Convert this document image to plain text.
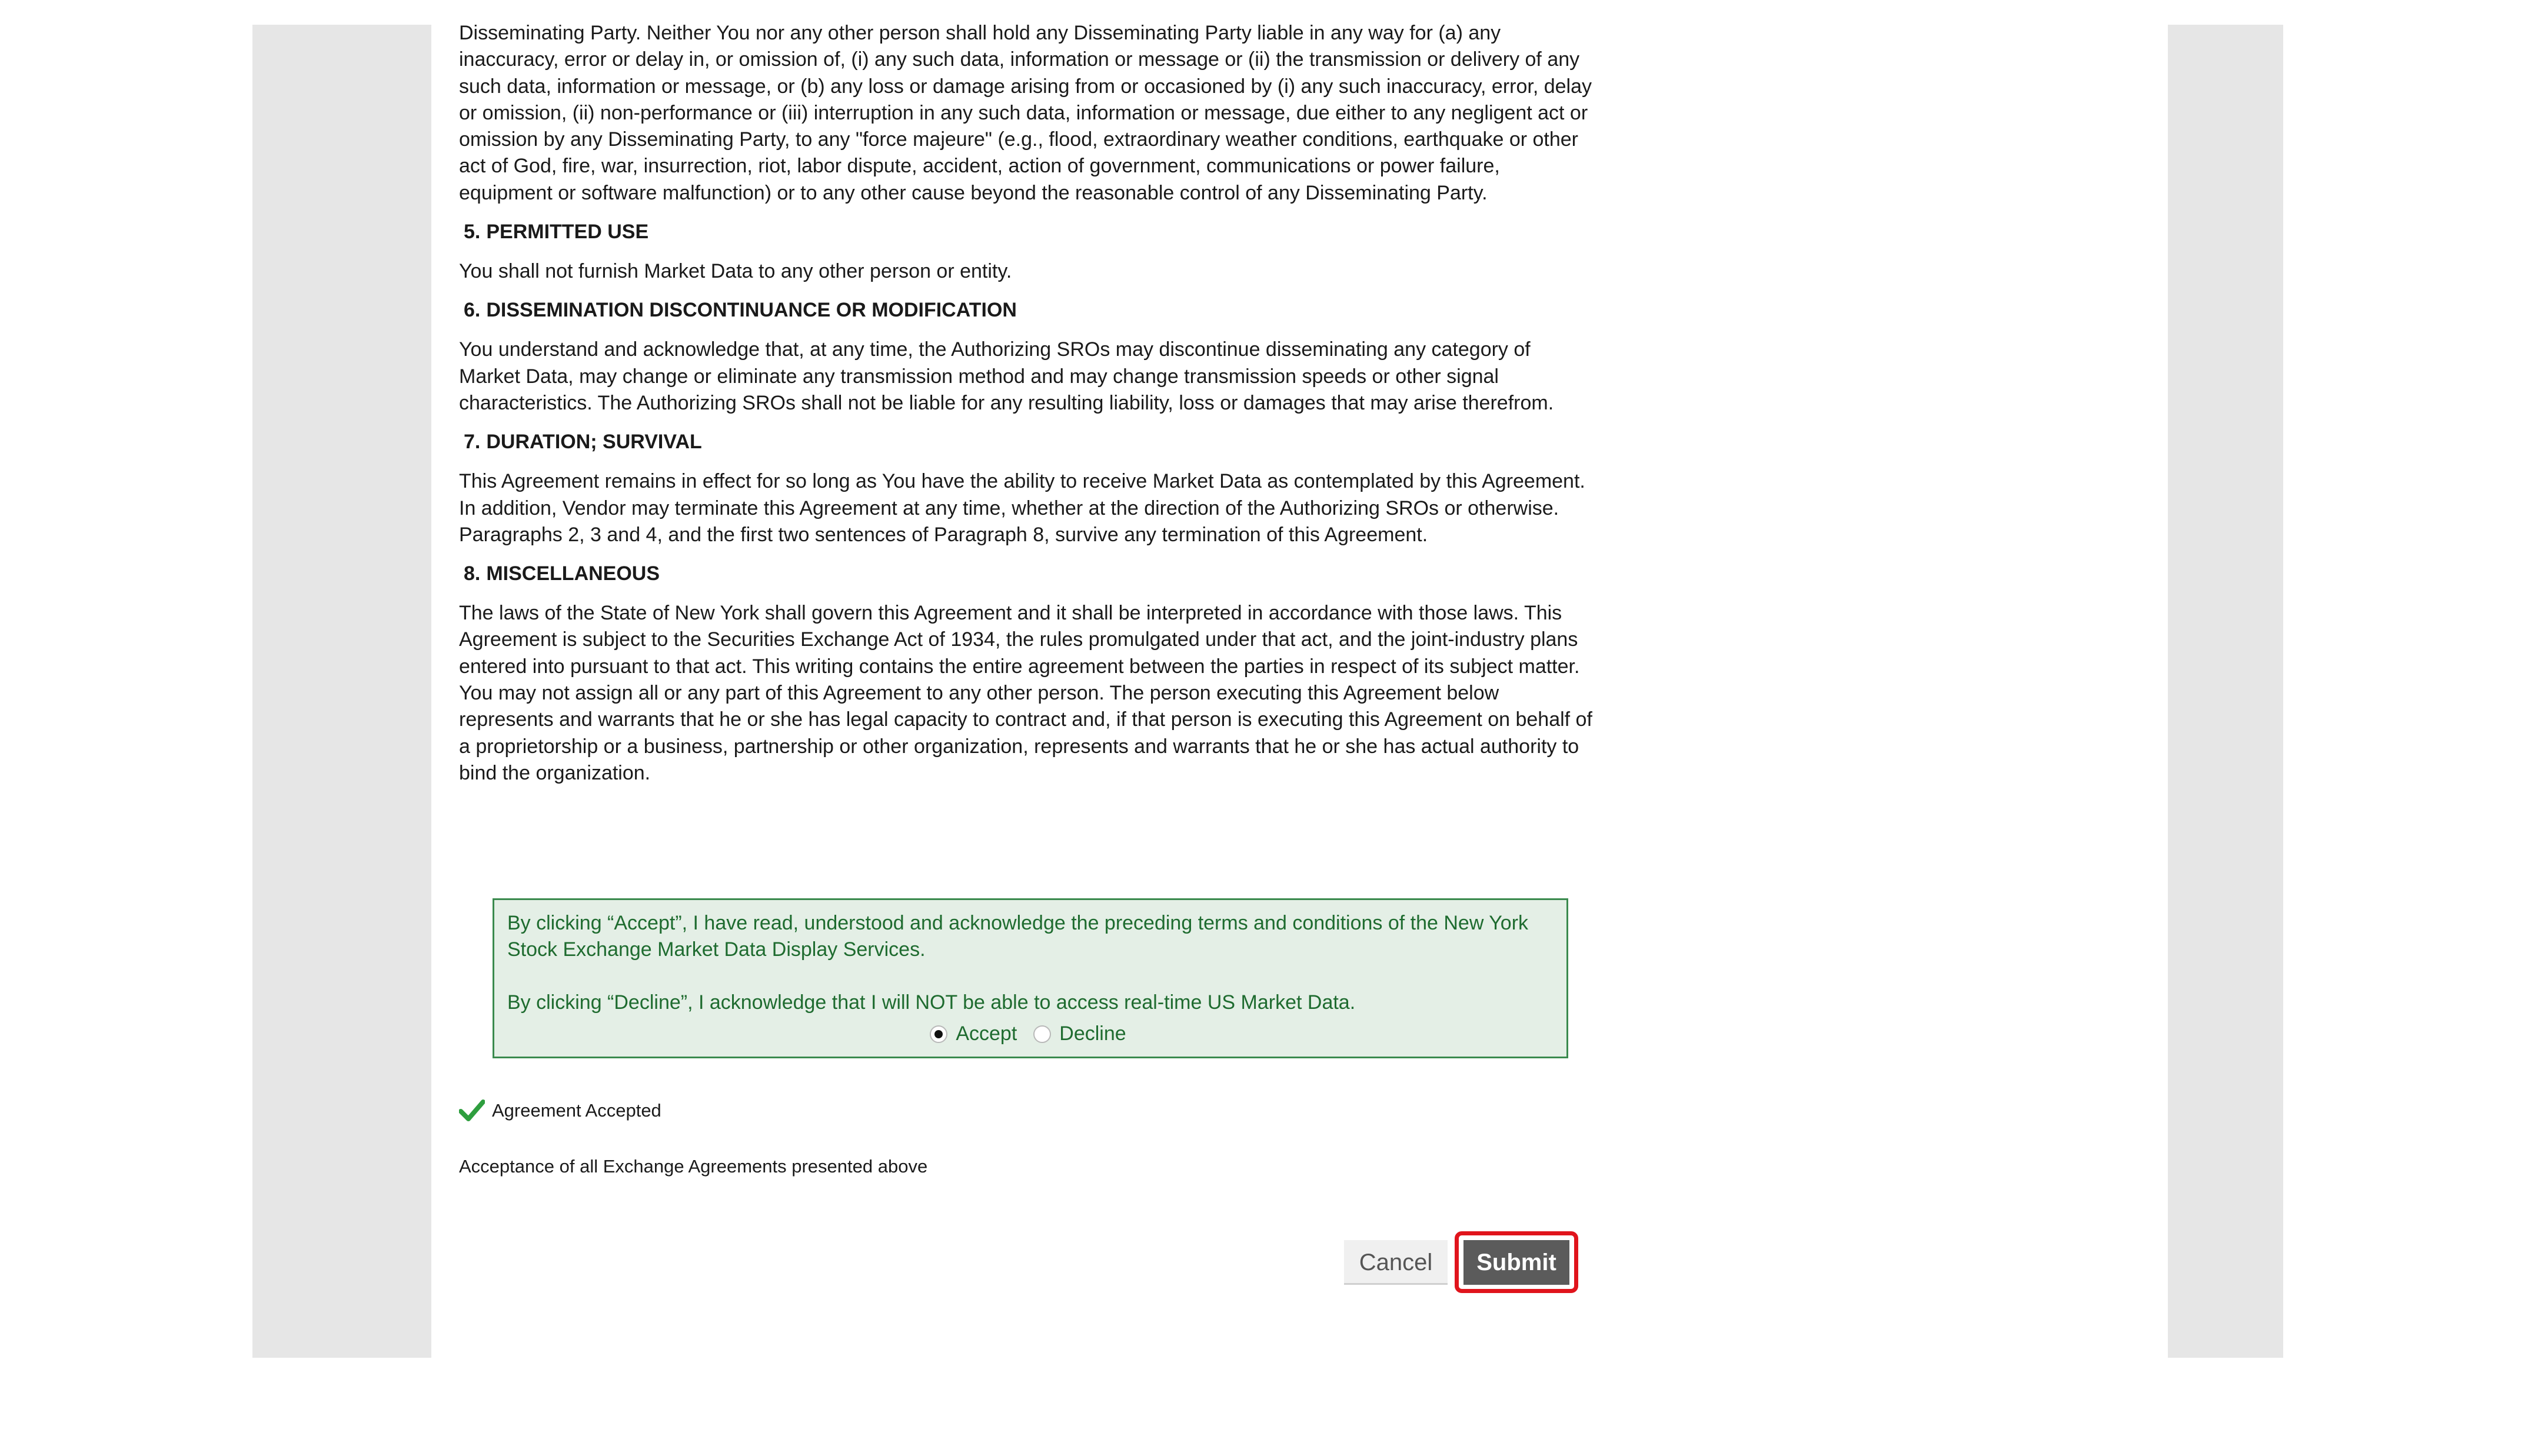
Disseminating Party. Neither You nor any other person shall hold any Disseminating Party liable in any way for (a) any inaccuracy, error or delay in, or omission of, (i) any such data, information or message or (ii) the transmission or delivery of any such data, information or message, or (b) any loss or damage arising from or occasioned by (i) any such inaccuracy, error, delay or omission, (ii) non-performance or (iii) interruption in any such data, information or message, due either to any negligent act or omission by any Disseminating Party, to any "force majeure" (e.g., flood, extraordinary weather conditions, earthquake or other act of God, fire, war, insurrection, riot, labor dispute, accident, action of government, communications or power failure, equipment or software malfunction) or to any other cause beyond the reasonable control of any Disseminating Party.

5. PERMITTED USE

You shall not furnish Market Data to any other person or entity.

6. DISSEMINATION DISCONTINUANCE OR MODIFICATION

You understand and acknowledge that, at any time, the Authorizing SROs may discontinue disseminating any category of Market Data, may change or eliminate any transmission method and may change transmission speeds or other signal characteristics. The Authorizing SROs shall not be liable for any resulting liability, loss or damages that may arise therefrom.

7. DURATION; SURVIVAL

This Agreement remains in effect for so long as You have the ability to receive Market Data as contemplated by this Agreement. In addition, Vendor may terminate this Agreement at any time, whether at the direction of the Authorizing SROs or otherwise. Paragraphs 2, 3 and 4, and the first two sentences of Paragraph 8, survive any termination of this Agreement.

8. MISCELLANEOUS

The laws of the State of New York shall govern this Agreement and it shall be interpreted in accordance with those laws. This Agreement is subject to the Securities Exchange Act of 1934, the rules promulgated under that act, and the joint-industry plans entered into pursuant to that act. This writing contains the entire agreement between the parties in respect of its subject matter. You may not assign all or any part of this Agreement to any other person. The person executing this Agreement below represents and warrants that he or she has legal capacity to contract and, if that person is executing this Agreement on behalf of a proprietorship or a business, partnership or other organization, represents and warrants that he or she has actual authority to bind the organization.

By clicking “Accept”, I have read, understood and acknowledge the preceding terms and conditions of the New York Stock Exchange Market Data Display Services.

By clicking “Decline”, I acknowledge that I will NOT be able to access real-time US Market Data.

Accept Decline
Agreement Accepted

Acceptance of all Exchange Agreements presented above

Cancel	Submit
